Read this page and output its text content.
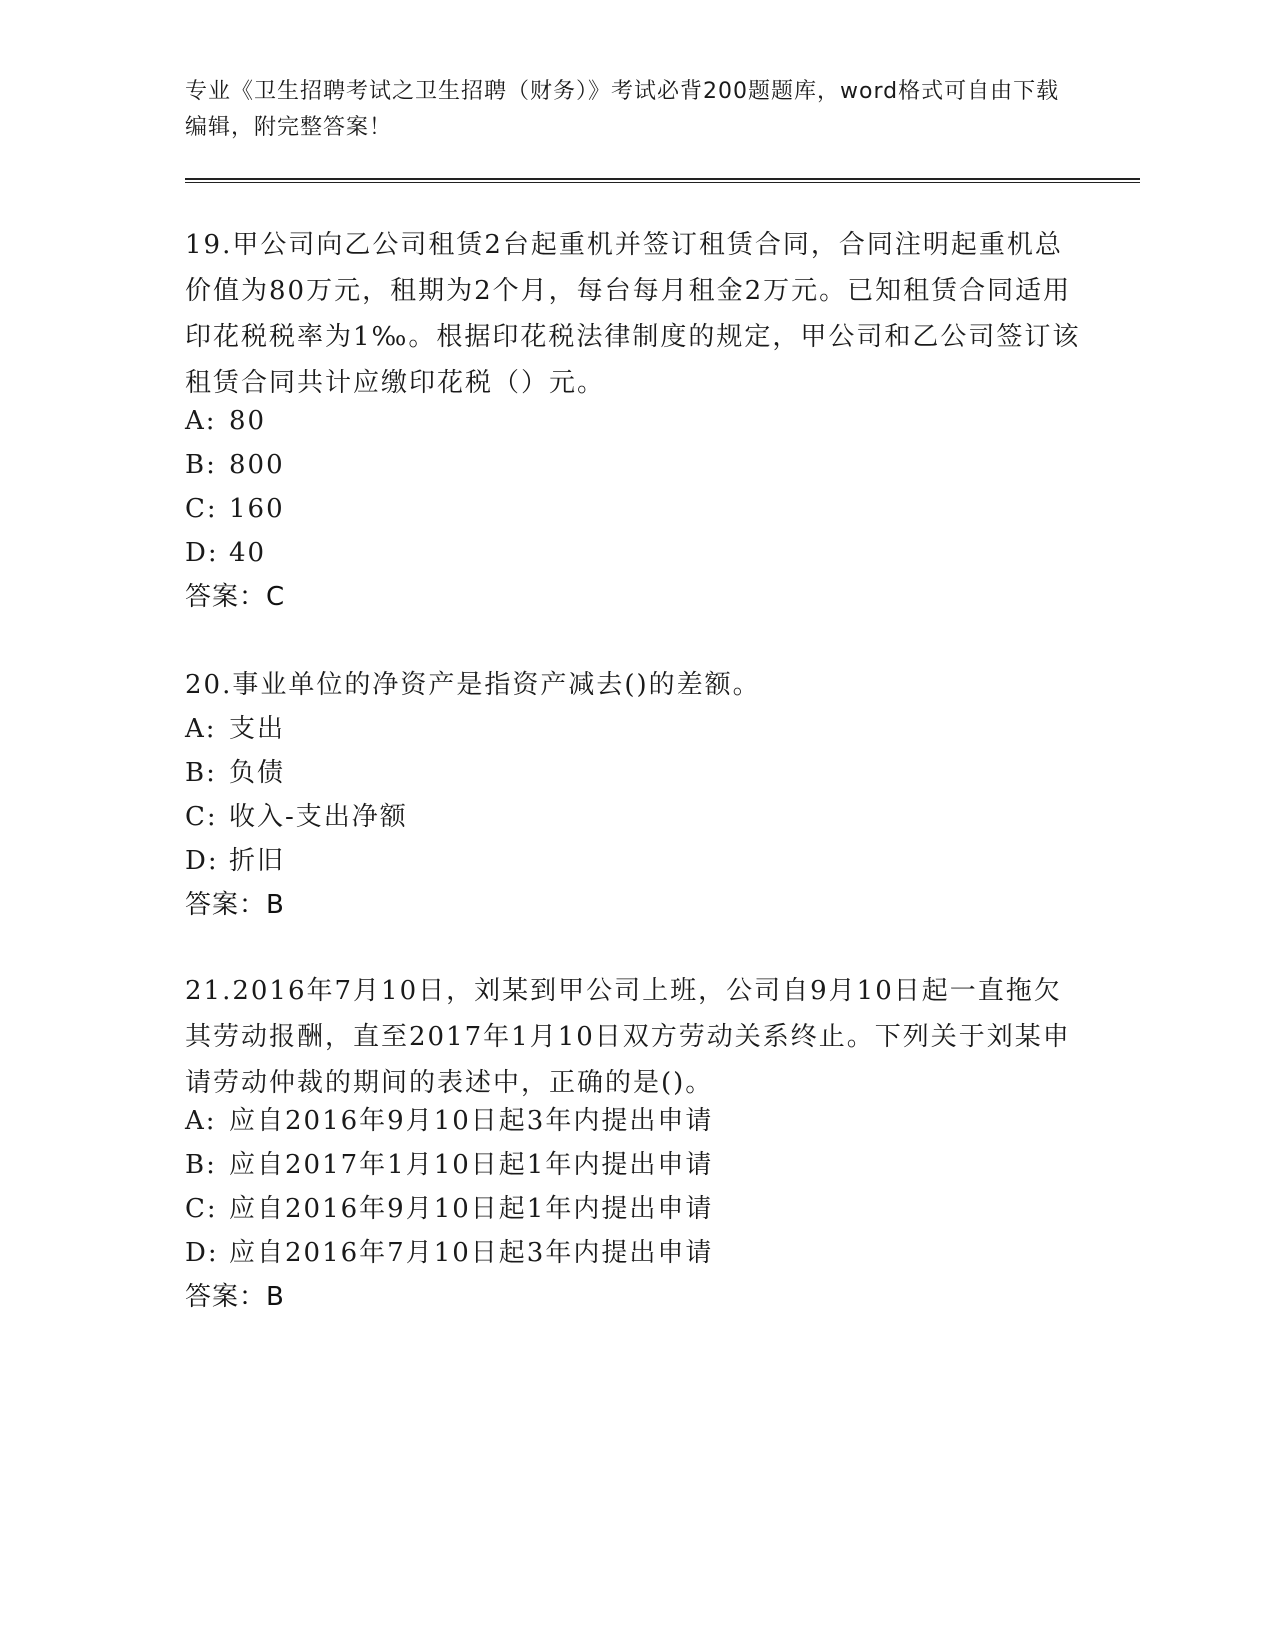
专业《卫生招聘考试之卫生招聘（财务）》考试必背200题题库，word格式可自由下载编辑，附完整答案！

19.甲公司向乙公司租赁2台起重机并签订租赁合同，合同注明起重机总价值为80万元，租期为2个月，每台每月租金2万元。已知租赁合同适用印花税税率为1‰。根据印花税法律制度的规定，甲公司和乙公司签订该租赁合同共计应缴印花税（）元。

A: 80
B: 800
C: 160
D: 40
答案：C

20.事业单位的净资产是指资产减去()的差额。

A: 支出
B: 负债
C: 收入-支出净额
D: 折旧
答案：B

21.2016年7月10日，刘某到甲公司上班，公司自9月10日起一直拖欠其劳动报酬，直至2017年1月10日双方劳动关系终止。下列关于刘某申请劳动仲裁的期间的表述中，正确的是()。

A: 应自2016年9月10日起3年内提出申请
B: 应自2017年1月10日起1年内提出申请
C: 应自2016年9月10日起1年内提出申请
D: 应自2016年7月10日起3年内提出申请
答案：B
